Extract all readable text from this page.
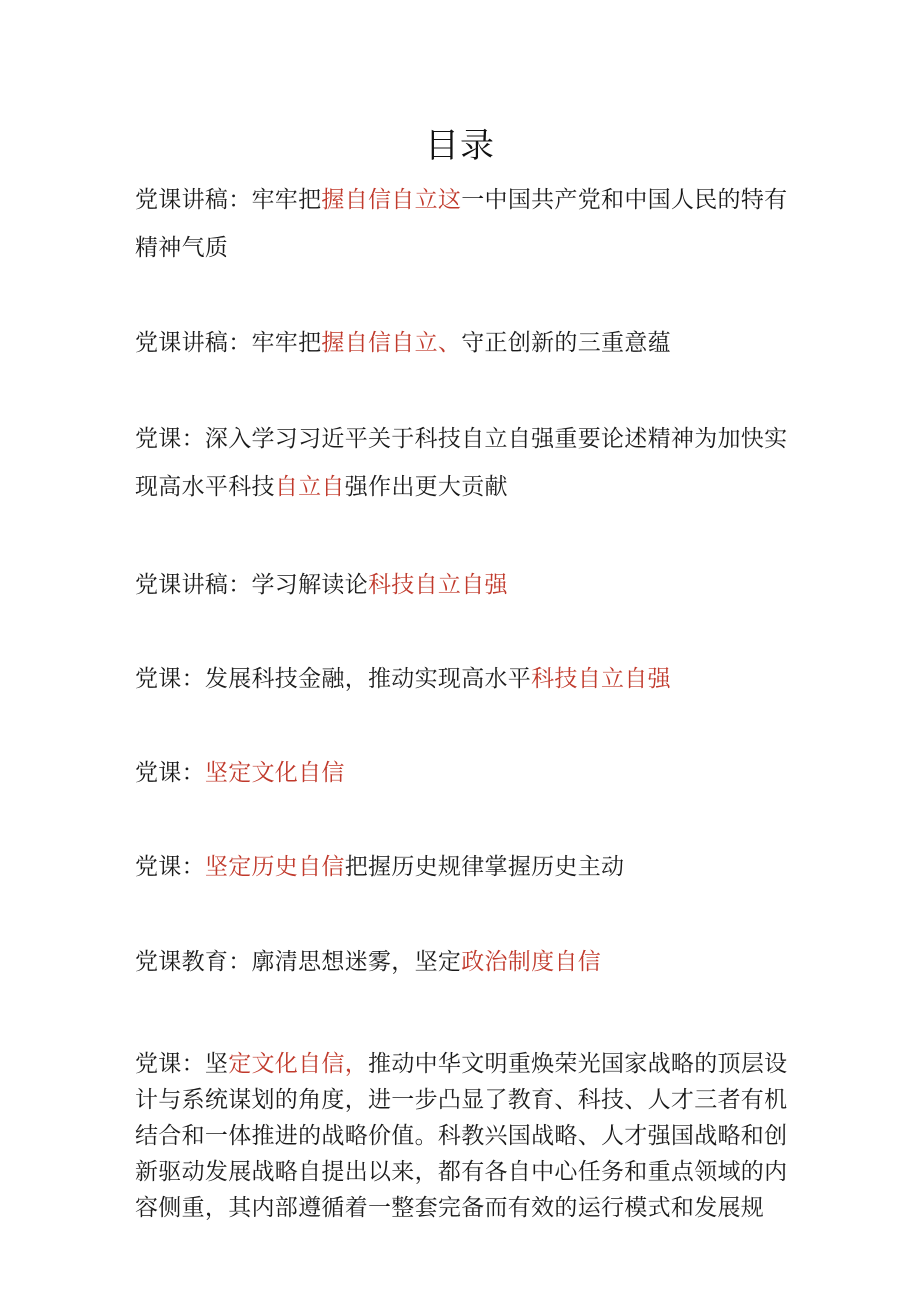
目录
党课讲稿：牢牢把握自信自立这一中国共产党和中国人民的特有精神气质
党课讲稿：牢牢把握自信自立、守正创新的三重意蕴
党课：深入学习习近平关于科技自立自强重要论述精神为加快实现高水平科技自立自强作出更大贡献
党课讲稿：学习解读论科技自立自强
党课：发展科技金融，推动实现高水平科技自立自强
党课：坚定文化自信
党课：坚定历史自信把握历史规律掌握历史主动
党课教育：廓清思想迷雾，坚定政治制度自信
党课：坚定文化自信，推动中华文明重焕荣光国家战略的顶层设计与系统谋划的角度，进一步凸显了教育、科技、人才三者有机结合和一体推进的战略价值。科教兴国战略、人才强国战略和创新驱动发展战略自提出以来，都有各自中心任务和重点领域的内容侧重，其内部遵循着一整套完备而有效的运行模式和发展规
